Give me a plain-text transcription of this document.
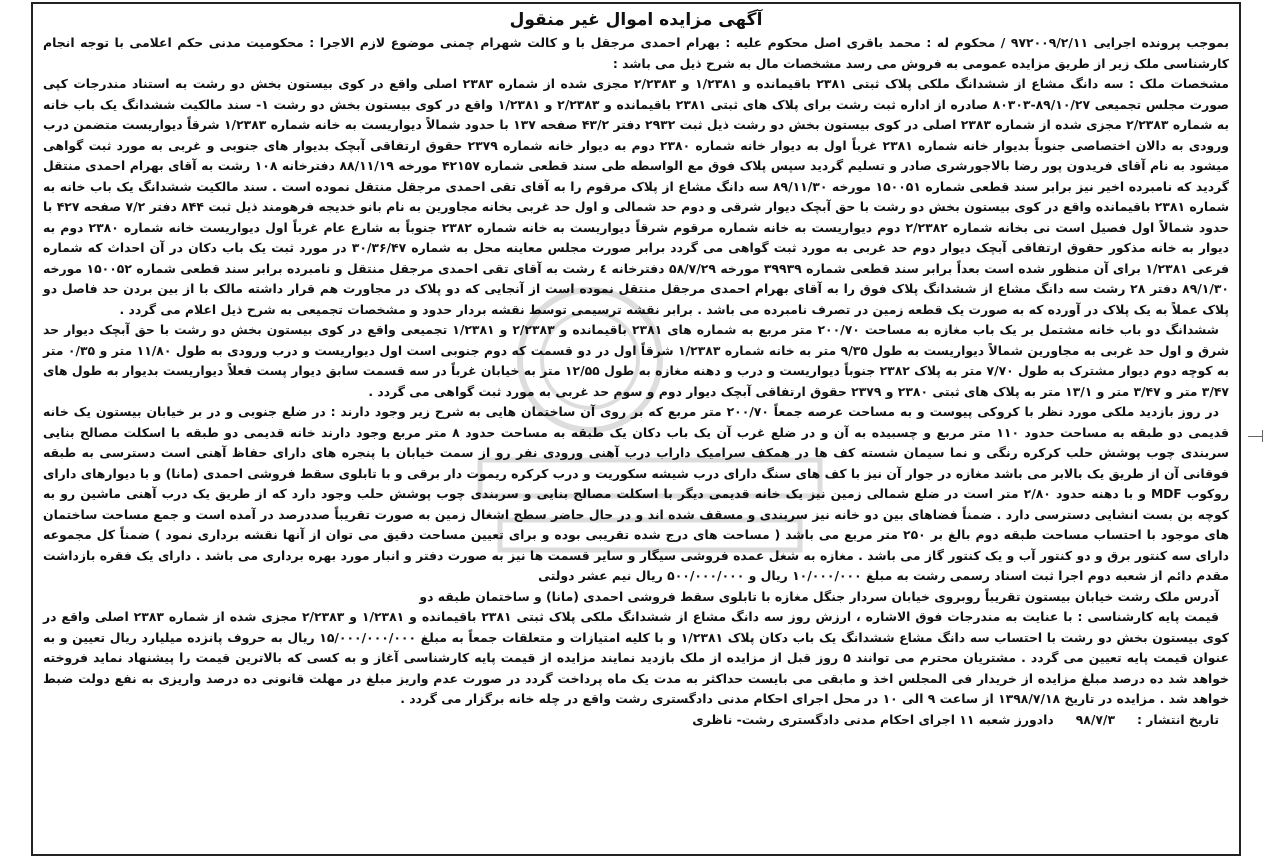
آگهی مزایده اموال غیر منقول

بموجب پرونده اجرایی ۹۷۲۰۰۹/۲/۱۱ / محکوم له : محمد باقری اصل محکوم علیه : بهرام احمدی مرجقل با و کالت شهرام چمنی موضوع لازم الاجرا : محکومیت مدنی حکم اعلامی با توجه انجام کارشناسی ملک زیر از طریق مزایده عمومی به فروش می رسد مشخصات مال به شرح ذیل می باشد :

مشخصات ملک : سه دانگ مشاع از ششدانگ ملکی پلاک ثبتی ۲۳۸۱ باقیمانده و ۱/۲۳۸۱ و ۲/۲۳۸۳ مجزی شده از شماره ۲۳۸۳ اصلی واقع در کوی بیستون بخش دو رشت به استناد مندرجات کپی صورت مجلس تجمیعی ۸۹/۱۰/۲۷-۸۰۳۰۳ صادره از اداره ثبت رشت برای پلاک های ثبتی ۲۳۸۱ باقیمانده و ۲/۲۳۸۳ و ۱/۲۳۸۱ واقع در کوی بیستون بخش دو رشت ۱- سند مالکیت ششدانگ یک باب خانه به شماره ۲/۲۳۸۳ مجزی شده از شماره ۲۳۸۳ اصلی در کوی بیستون بخش دو رشت ذیل ثبت ۲۹۳۲ دفتر ۴۳/۲ صفحه ۱۳۷ با حدود شمالاً دیواریست به خانه شماره ۱/۲۳۸۳ شرقاً دیواریست متضمن درب ورودی به دالان اختصاصی جنوباً بدیوار خانه شماره ۲۳۸۱ غرباً اول به دیوار خانه شماره ۲۳۸۰ دوم به دیوار خانه شماره ۲۳۷۹ حقوق ارتفاقی آبچک بدیوار های جنوبی و غربی به مورد ثبت گواهی میشود به نام آقای فریدون پور رضا بالاجورشری صادر و تسلیم گردید سپس پلاک فوق مع الواسطه طی سند قطعی شماره ۴۲۱۵۷ مورخه ۸۸/۱۱/۱۹ دفترخانه ۱۰۸ رشت به آقای بهرام احمدی منتقل گردید که نامبرده اخیر نیز برابر سند قطعی شماره ۱۵۰۰۵۱ مورخه ۸۹/۱۱/۳۰ سه دانگ مشاع از پلاک مرقوم را به آقای تقی احمدی مرجقل منتقل نموده است . سند مالکیت ششدانگ یک باب خانه به شماره ۲۳۸۱ باقیمانده واقع در کوی بیستون بخش دو رشت با حق آبچک دیوار شرقی و دوم حد شمالی و اول حد غربی بخانه مجاورین به نام بانو خدیجه فرهومند ذیل ثبت ۸۴۴ دفتر ۷/۲ صفحه ۴۲۷ با حدود شمالاً اول فصیل است نی بخانه شماره ۲/۲۳۸۲ دوم دیواریست به خانه شماره مرقوم شرقاً دیواریست به خانه شماره ۲۳۸۲ جنوباً به شارع عام غرباً اول دیواریست خانه شماره ۲۳۸۰ دوم به دیوار به خانه مذکور حقوق ارتفاقی آبچک دیوار دوم حد غربی به مورد ثبت گواهی می گردد برابر صورت مجلس معاینه محل به شماره ۳۰/۳۶/۴۷ در مورد ثبت یک باب دکان در آن احداث که شماره فرعی ۱/۲۳۸۱ برای آن منظور شده است بعداً برابر سند قطعی شماره ۳۹۹۳۹ مورخه ۵۸/۷/۲۹ دفترخانه ٤ رشت به آقای تقی احمدی مرجقل منتقل و نامبرده برابر سند قطعی شماره ۱۵۰۰۵۲ مورخه ۸۹/۱/۳۰ دفتر ۲۸ رشت سه دانگ مشاع از ششدانگ پلاک فوق را به آقای بهرام احمدی مرجقل منتقل نموده است از آنجایی که دو پلاک در مجاورت هم قرار داشته مالک با از بین بردن حد فاصل دو پلاک عملاً به یک پلاک در آورده که به صورت یک قطعه زمین در تصرف نامبرده می باشد . برابر نقشه ترسیمی توسط نقشه بردار حدود و مشخصات تجمیعی به شرح ذیل اعلام می گردد .

ششدانگ دو باب خانه مشتمل بر یک باب مغازه به مساحت ۲۰۰/۷۰ متر مربع به شماره های ۲۳۸۱ باقیمانده و ۲/۲۳۸۳ و ۱/۲۳۸۱ تجمیعی واقع در کوی بیستون بخش دو رشت با حق آبچک دیوار حد شرق و اول حد غربی به مجاورین شمالاً دیواریست به طول ۹/۳۵ متر به خانه شماره ۱/۲۳۸۳ شرقاً اول در دو قسمت که دوم جنوبی است اول دیواریست و درب ورودی به طول ۱۱/۸۰ متر و ۰/۳۵ متر به کوچه دوم دیوار مشترک به طول ۷/۷۰ متر به پلاک ۲۳۸۲ جنوباً دیواریست و درب و دهنه مغازه به طول ۱۲/۵۵ متر به خیابان غرباً در سه قسمت سابق دیوار پست فعلاً دیواریست بدیوار به طول های ۳/۴۷ متر و ۳/۴۷ متر و ۱۳/۱ متر به پلاک های ثبتی ۲۳۸۰ و ۲۳۷۹ حقوق ارتفاقی آبچک دیوار دوم و سوم حد غربی به مورد ثبت گواهی می گردد .

در روز بازدید ملکی مورد نظر با کروکی پیوست و به مساحت عرصه جمعاً ۲۰۰/۷۰ متر مربع که بر روی آن ساختمان هایی به شرح زیر وجود دارند : در ضلع جنوبی و در بر خیابان بیستون یک خانه قدیمی دو طبقه به مساحت حدود ۱۱۰ متر مربع و چسبیده به آن و در ضلع غرب آن یک باب دکان یک طبقه به مساحت حدود ۸ متر مربع وجود دارند خانه قدیمی دو طبقه با اسکلت مصالح بنایی سربندی چوب پوشش حلب کرکره رنگی و نما سیمان شسته کف ها در همکف سرامیک داراب درب آهنی ورودی نفر رو از سمت خیابان با پنجره های دارای حفاظ آهنی است دسترسی به طبقه فوقانی آن از طریق یک بالابر می باشد مغازه در جوار آن نیز با کف های سنگ دارای درب شیشه سکوریت و درب کرکره ریموت دار برقی و با تابلوی سقط فروشی احمدی (مانا) و با دیوارهای دارای روکوب MDF و با دهنه حدود ۲/۸۰ متر است در ضلع شمالی زمین نیز یک خانه قدیمی دیگر با اسکلت مصالح بنایی و سربندی چوب پوشش حلب وجود دارد که از طریق یک درب آهنی ماشین رو به کوچه بن بست انشایی دسترسی دارد . ضمناً فضاهای بین دو خانه نیز سربندی و مسقف شده اند و در حال حاضر سطح اشغال زمین به صورت تقریباً صددرصد در آمده است و جمع مساحت ساختمان های موجود با احتساب مساحت طبقه دوم بالغ بر ۲۵۰ متر مربع می باشد ( مساحت های درج شده تقریبی بوده و برای تعیین مساحت دقیق می توان از آنها نقشه برداری نمود ) ضمناً کل مجموعه دارای سه کنتور برق و دو کنتور آب و یک کنتور گاز می باشد . مغازه به شغل عمده فروشی سیگار و سایر قسمت ها نیز به صورت دفتر و انبار مورد بهره برداری می باشد . دارای یک فقره بازداشت مقدم دائم از شعبه دوم اجرا ثبت اسناد رسمی رشت به مبلغ ۱۰/۰۰۰/۰۰۰ ریال و ۵۰۰/۰۰۰/۰۰۰ ریال نیم عشر دولتی

آدرس ملک رشت خیابان بیستون تقریباً روبروی خیابان سردار جنگل مغازه با تابلوی سقط فروشی احمدی (مانا) و ساختمان طبقه دو

قیمت پایه کارشناسی : با عنایت به مندرجات فوق الاشاره ، ارزش روز سه دانگ مشاع از ششدانگ ملکی پلاک ثبتی ۲۳۸۱ باقیمانده و ۱/۲۳۸۱ و ۲/۲۳۸۳ مجزی شده از شماره ۲۳۸۳ اصلی واقع در کوی بیستون بخش دو رشت با احتساب سه دانگ مشاع ششدانگ یک باب دکان پلاک ۱/۲۳۸۱ و با کلیه امتیازات و متعلقات جمعاً به مبلغ ۱۵/۰۰۰/۰۰۰/۰۰۰ ریال به حروف پانزده میلیارد ریال تعیین و به عنوان قیمت پایه تعیین می گردد . مشتریان محترم می توانند ۵ روز قبل از مزایده از ملک بازدید نمایند مزایده از قیمت پایه کارشناسی آغاز و به کسی که بالاترین قیمت را پیشنهاد نماید فروخته خواهد شد ده درصد مبلغ مزایده از خریدار فی المجلس اخذ و مابقی می بایست حداکثر به مدت یک ماه پرداخت گردد در صورت عدم واریز مبلغ در مهلت قانونی ده درصد واریزی به نفع دولت ضبط خواهد شد . مزایده در تاریخ ۱۳۹۸/۷/۱۸ از ساعت ۹ الی ۱۰ در محل اجرای احکام مدنی دادگستری رشت واقع در چله خانه برگزار می گردد .

تاریخ انتشار :۹۸/۷/۳دادورز شعبه ۱۱ اجرای احکام مدنی دادگستری رشت- ناظری
